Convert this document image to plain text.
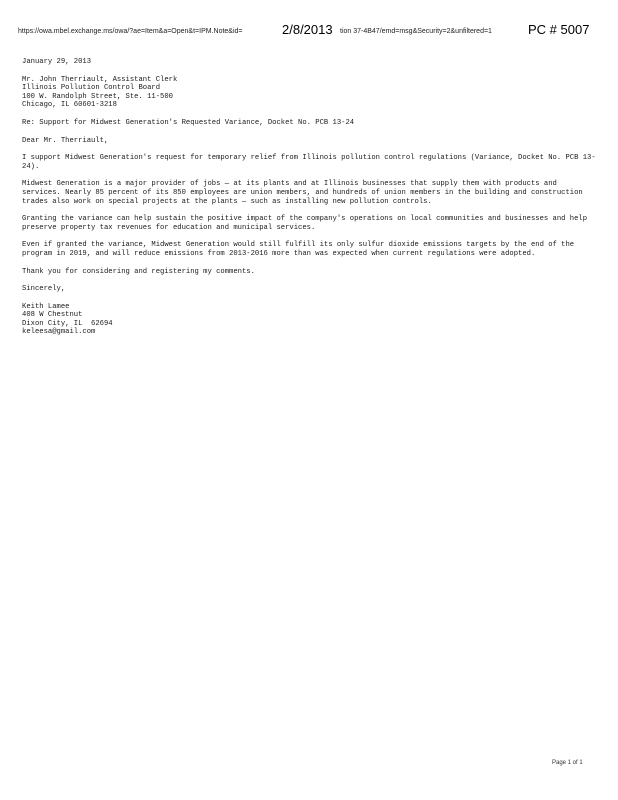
https://owa.mbel.exchange.ms/owa/?ae=Item&a=Open&t=IPM.Note&id=	2/8/2013 tion 37-4B47/emd=msg&Security=2&unfiltered=1	PC # 5007
January 29, 2013
Mr. John Therriault, Assistant Clerk
Illinois Pollution Control Board
100 W. Randolph Street, Ste. 11-500
Chicago, IL 60601-3218
Re: Support for Midwest Generation's Requested Variance, Docket No. PCB 13-24
Dear Mr. Therriault,
I support Midwest Generation's request for temporary relief from Illinois pollution control regulations (Variance, Docket No. PCB 13-24).
Midwest Generation is a major provider of jobs — at its plants and at Illinois businesses that supply them with products and services. Nearly 85 percent of its 850 employees are union members, and hundreds of union members in the building and construction trades also work on special projects at the plants — such as installing new pollution controls.
Granting the variance can help sustain the positive impact of the company's operations on local communities and businesses and help preserve property tax revenues for education and municipal services.
Even if granted the variance, Midwest Generation would still fulfill its only sulfur dioxide emissions targets by the end of the program in 2019, and will reduce emissions from 2013-2016 more than was expected when current regulations were adopted.
Thank you for considering and registering my comments.
Sincerely,
Keith Lamee
408 W Chestnut
Dixon City, IL  62694
keleesa@gmail.com
Page 1 of 1
